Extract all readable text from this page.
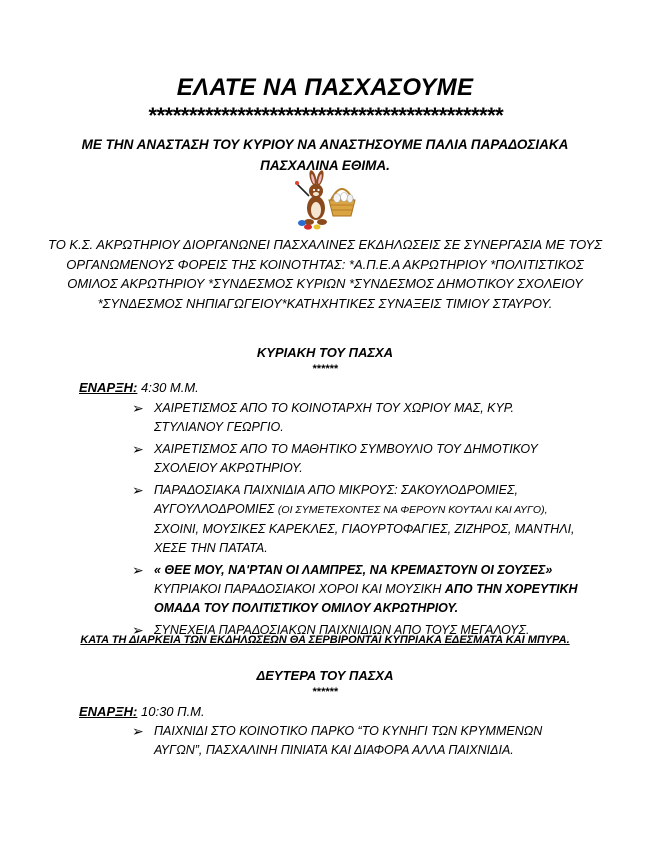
ΕΛΑΤΕ ΝΑ ΠΑΣΧΑΣΟΥΜΕ
********************************************
ΜΕ ΤΗΝ ΑΝΑΣΤΑΣΗ ΤΟΥ ΚΥΡΙΟΥ ΝΑ ΑΝΑΣΤΗΣΟΥΜΕ ΠΑΛΙΑ ΠΑΡΑΔΟΣΙΑΚΑ ΠΑΣΧΑΛΙΝΑ ΕΘΙΜΑ.
ΤΟ Κ.Σ. ΑΚΡΩΤΗΡΙΟΥ ΔΙΟΡΓΑΝΩΝΕΙ ΠΑΣΧΑΛΙΝΕΣ ΕΚΔΗΛΩΣΕΙΣ ΣΕ ΣΥΝΕΡΓΑΣΙΑ ΜΕ ΤΟΥΣ ΟΡΓΑΝΩΜΕΝΟΥΣ ΦΟΡΕΙΣ ΤΗΣ ΚΟΙΝΟΤΗΤΑΣ: *Α.Π.Ε.Α ΑΚΡΩΤΗΡΙΟΥ *ΠΟΛΙΤΙΣΤΙΚΟΣ ΟΜΙΛΟΣ ΑΚΡΩΤΗΡΙΟΥ *ΣΥΝΔΕΣΜΟΣ ΚΥΡΙΩΝ *ΣΥΝΔΕΣΜΟΣ ΔΗΜΟΤΙΚΟΥ ΣΧΟΛΕΙΟΥ *ΣΥΝΔΕΣΜΟΣ ΝΗΠΙΑΓΩΓΕΙΟΥ*ΚΑΤΗΧΗΤΙΚΕΣ ΣΥΝΑΞΕΙΣ ΤΙΜΙΟΥ ΣΤΑΥΡΟΥ.
ΚΥΡΙΑΚΗ ΤΟΥ ΠΑΣΧΑ
******
ΕΝΑΡΞΗ: 4:30 Μ.Μ.
➢ ΧΑΙΡΕΤΙΣΜΟΣ ΑΠΟ ΤΟ ΚΟΙΝΟΤΑΡΧΗ ΤΟΥ ΧΩΡΙΟΥ ΜΑΣ, ΚΥΡ. ΣΤΥΛΙΑΝΟΥ ΓΕΩΡΓΙΟ.
➢ ΧΑΙΡΕΤΙΣΜΟΣ ΑΠΟ ΤΟ ΜΑΘΗΤΙΚΟ ΣΥΜΒΟΥΛΙΟ ΤΟΥ ΔΗΜΟΤΙΚΟΥ ΣΧΟΛΕΙΟΥ ΑΚΡΩΤΗΡΙΟΥ.
➢ ΠΑΡΑΔΟΣΙΑΚΑ ΠΑΙΧΝΙΔΙΑ ΑΠΟ ΜΙΚΡΟΥΣ: ΣΑΚΟΥΛΟΔΡΟΜΙΕΣ, ΑΥΓΟΥΛΛΟΔΡΟΜΙΕΣ (ΟΙ ΣΥΜΕΤΕΧΟΝΤΕΣ ΝΑ ΦΕΡΟΥΝ ΚΟΥΤΑΛΙ ΚΑΙ ΑΥΓΟ), ΣΧΟΙΝΙ, ΜΟΥΣΙΚΕΣ ΚΑΡΕΚΛΕΣ, ΓΙΑΟΥΡΤΟΦΑΓΙΕΣ, ΖΙΖΗΡΟΣ, ΜΑΝΤΗΛΙ, ΧΕΣΕ ΤΗΝ ΠΑΤΑΤΑ.
➢ « ΘΕΕ ΜΟΥ, ΝΑ'ΡΤΑΝ ΟΙ ΛΑΜΠΡΕΣ, ΝΑ ΚΡΕΜΑΣΤΟΥΝ ΟΙ ΣΟΥΣΕΣ» ΚΥΠΡΙΑΚΟΙ ΠΑΡΑΔΟΣΙΑΚΟΙ ΧΟΡΟΙ ΚΑΙ ΜΟΥΣΙΚΗ ΑΠΟ ΤΗΝ ΧΟΡΕΥΤΙΚΗ ΟΜΑΔΑ ΤΟΥ ΠΟΛΙΤΙΣΤΙΚΟΥ ΟΜΙΛΟΥ ΑΚΡΩΤΗΡΙΟΥ.
➢ ΣΥΝΕΧΕΙΑ ΠΑΡΑΔΟΣΙΑΚΩΝ ΠΑΙΧΝΙΔΙΩΝ ΑΠΟ ΤΟΥΣ ΜΕΓΑΛΟΥΣ.
ΚΑΤΑ ΤΗ ΔΙΑΡΚΕΙΑ ΤΩΝ ΕΚΔΗΛΩΣΕΩΝ ΘΑ ΣΕΡΒΙΡΟΝΤΑΙ ΚΥΠΡΙΑΚΑ ΕΔΕΣΜΑΤΑ ΚΑΙ ΜΠΥΡΑ.
ΔΕΥΤΕΡΑ ΤΟΥ ΠΑΣΧΑ
******
ΕΝΑΡΞΗ: 10:30 Π.Μ.
➢ ΠΑΙΧΝΙΔΙ ΣΤΟ ΚΟΙΝΟΤΙΚΟ ΠΑΡΚΟ “ΤΟ ΚΥΝΗΓΙ ΤΩΝ ΚΡΥΜΜΕΝΩΝ ΑΥΓΩΝ”, ΠΑΣΧΑΛΙΝΗ ΠΙΝΙΑΤΑ ΚΑΙ ΔΙΑΦΟΡΑ ΑΛΛΑ ΠΑΙΧΝΙΔΙΑ.
